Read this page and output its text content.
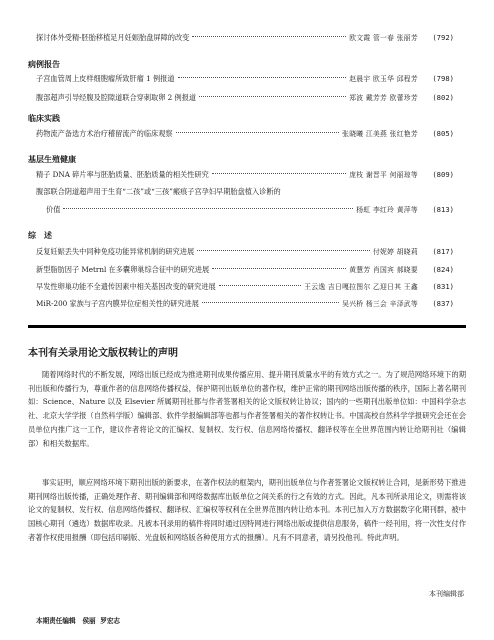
探讨体外受精-胚胎移植足月妊娠胎盘屏障的改变	欧文霞 管一春 张丽芳	(792)
病例报告
子宫血管周上皮样细胞瘤所致肝瘤 1 例报道	赵晨宇 欧玉华 邱程芳	(798)
腹部超声引导经腹及腔隙道联合穿刺取卵 2 例报道	郑波 戴芳芳 欧蕾珍芳	(802)
临床实践
药物流产备选方术治疗稽留流产的临床观察	张晓曦 江美燕 张红艳芳	(805)
基层生殖健康
精子 DNA 碎片率与胚胎质量、胚胎质量的相关性研究	庞枝 谢晋平 何丽琼等	(809)
腹部联合阴道超声用于生育“二孩”或“三孩”瘢痕子宫孕妇早期胎盘植入诊断的
价值	杨虹 李红玲 黄萍等	(813)
综　述
反复妊娠丢失中同种免疫功能异常机制的研究进展	付妮婷 胡晓莉	(817)
新型脂肪因子 Metrnl 在多囊卵巢综合征中的研究进展	黄慧芳 肖国宾 郝晓要	(824)
早发性卵巢功能不全遗传因素中相关基因改变的研究进展	王云逸 吉日嘎拉图尔 乙迎日其 王鑫	(831)
MiR-200 家族与子宫内膜异位症相关性的研究进展	吴兴桥 杨三会 辛泽武等	(837)
本刊有关录用论文版权转让的声明
随着网络时代的不断发展，网络出版已经成为推进期刊成果传播应用、提升期刊质量水平的有效方式之一。为了规范网络环境下的期刊出版和传播行为，尊重作者的信息网络传播权益，保护期刊出版单位的著作权，维护正常的期刊网络出版传播的秩序，国际上著名期刊如：Science、Nature 以及 Elsevier 所属期刊社都与作者签署相关的论文版权转让协议；国内的一些期刊出版单位如：中国科学杂志社、北京大学学报（自然科学版）编辑部、软件学报编辑部等也都与作者签署相关的著作权转让书。中国高校自然科学学报研究会还在会员单位内推广这一工作，建议作者将论文的汇编权、复制权、发行权、信息网络传播权、翻译权等在全世界范围内转让给期刊社（编辑部）和相关数据库。
事实证明，顺应网络环境下期刊出版的新要求，在著作权法的框架内，期刊出版单位与作者签署论文版权转让合同，是新形势下推进期刊网络出版传播，正确处理作者、期刊编辑部和网络数据库出版单位之间关系的行之有效的方式。因此，凡本刊所录用论文，则需将该论文的复制权、发行权、信息网络传播权、翻译权、汇编权等权利在全世界范围内转让给本刊。本刊已加入万方数据数字化期刊群，被中国核心期刊（遴选）数据库收录。凡被本刊录用的稿件将同时通过因特网进行网络出版或提供信息服务，稿件一经刊用，将一次性支付作者著作权使用报酬（即包括印刷版、光盘版和网络版各种使用方式的报酬）。凡有不同意者，请另投他刊。特此声明。
本刊编辑部
本期责任编辑 侯丽  罗宏志
